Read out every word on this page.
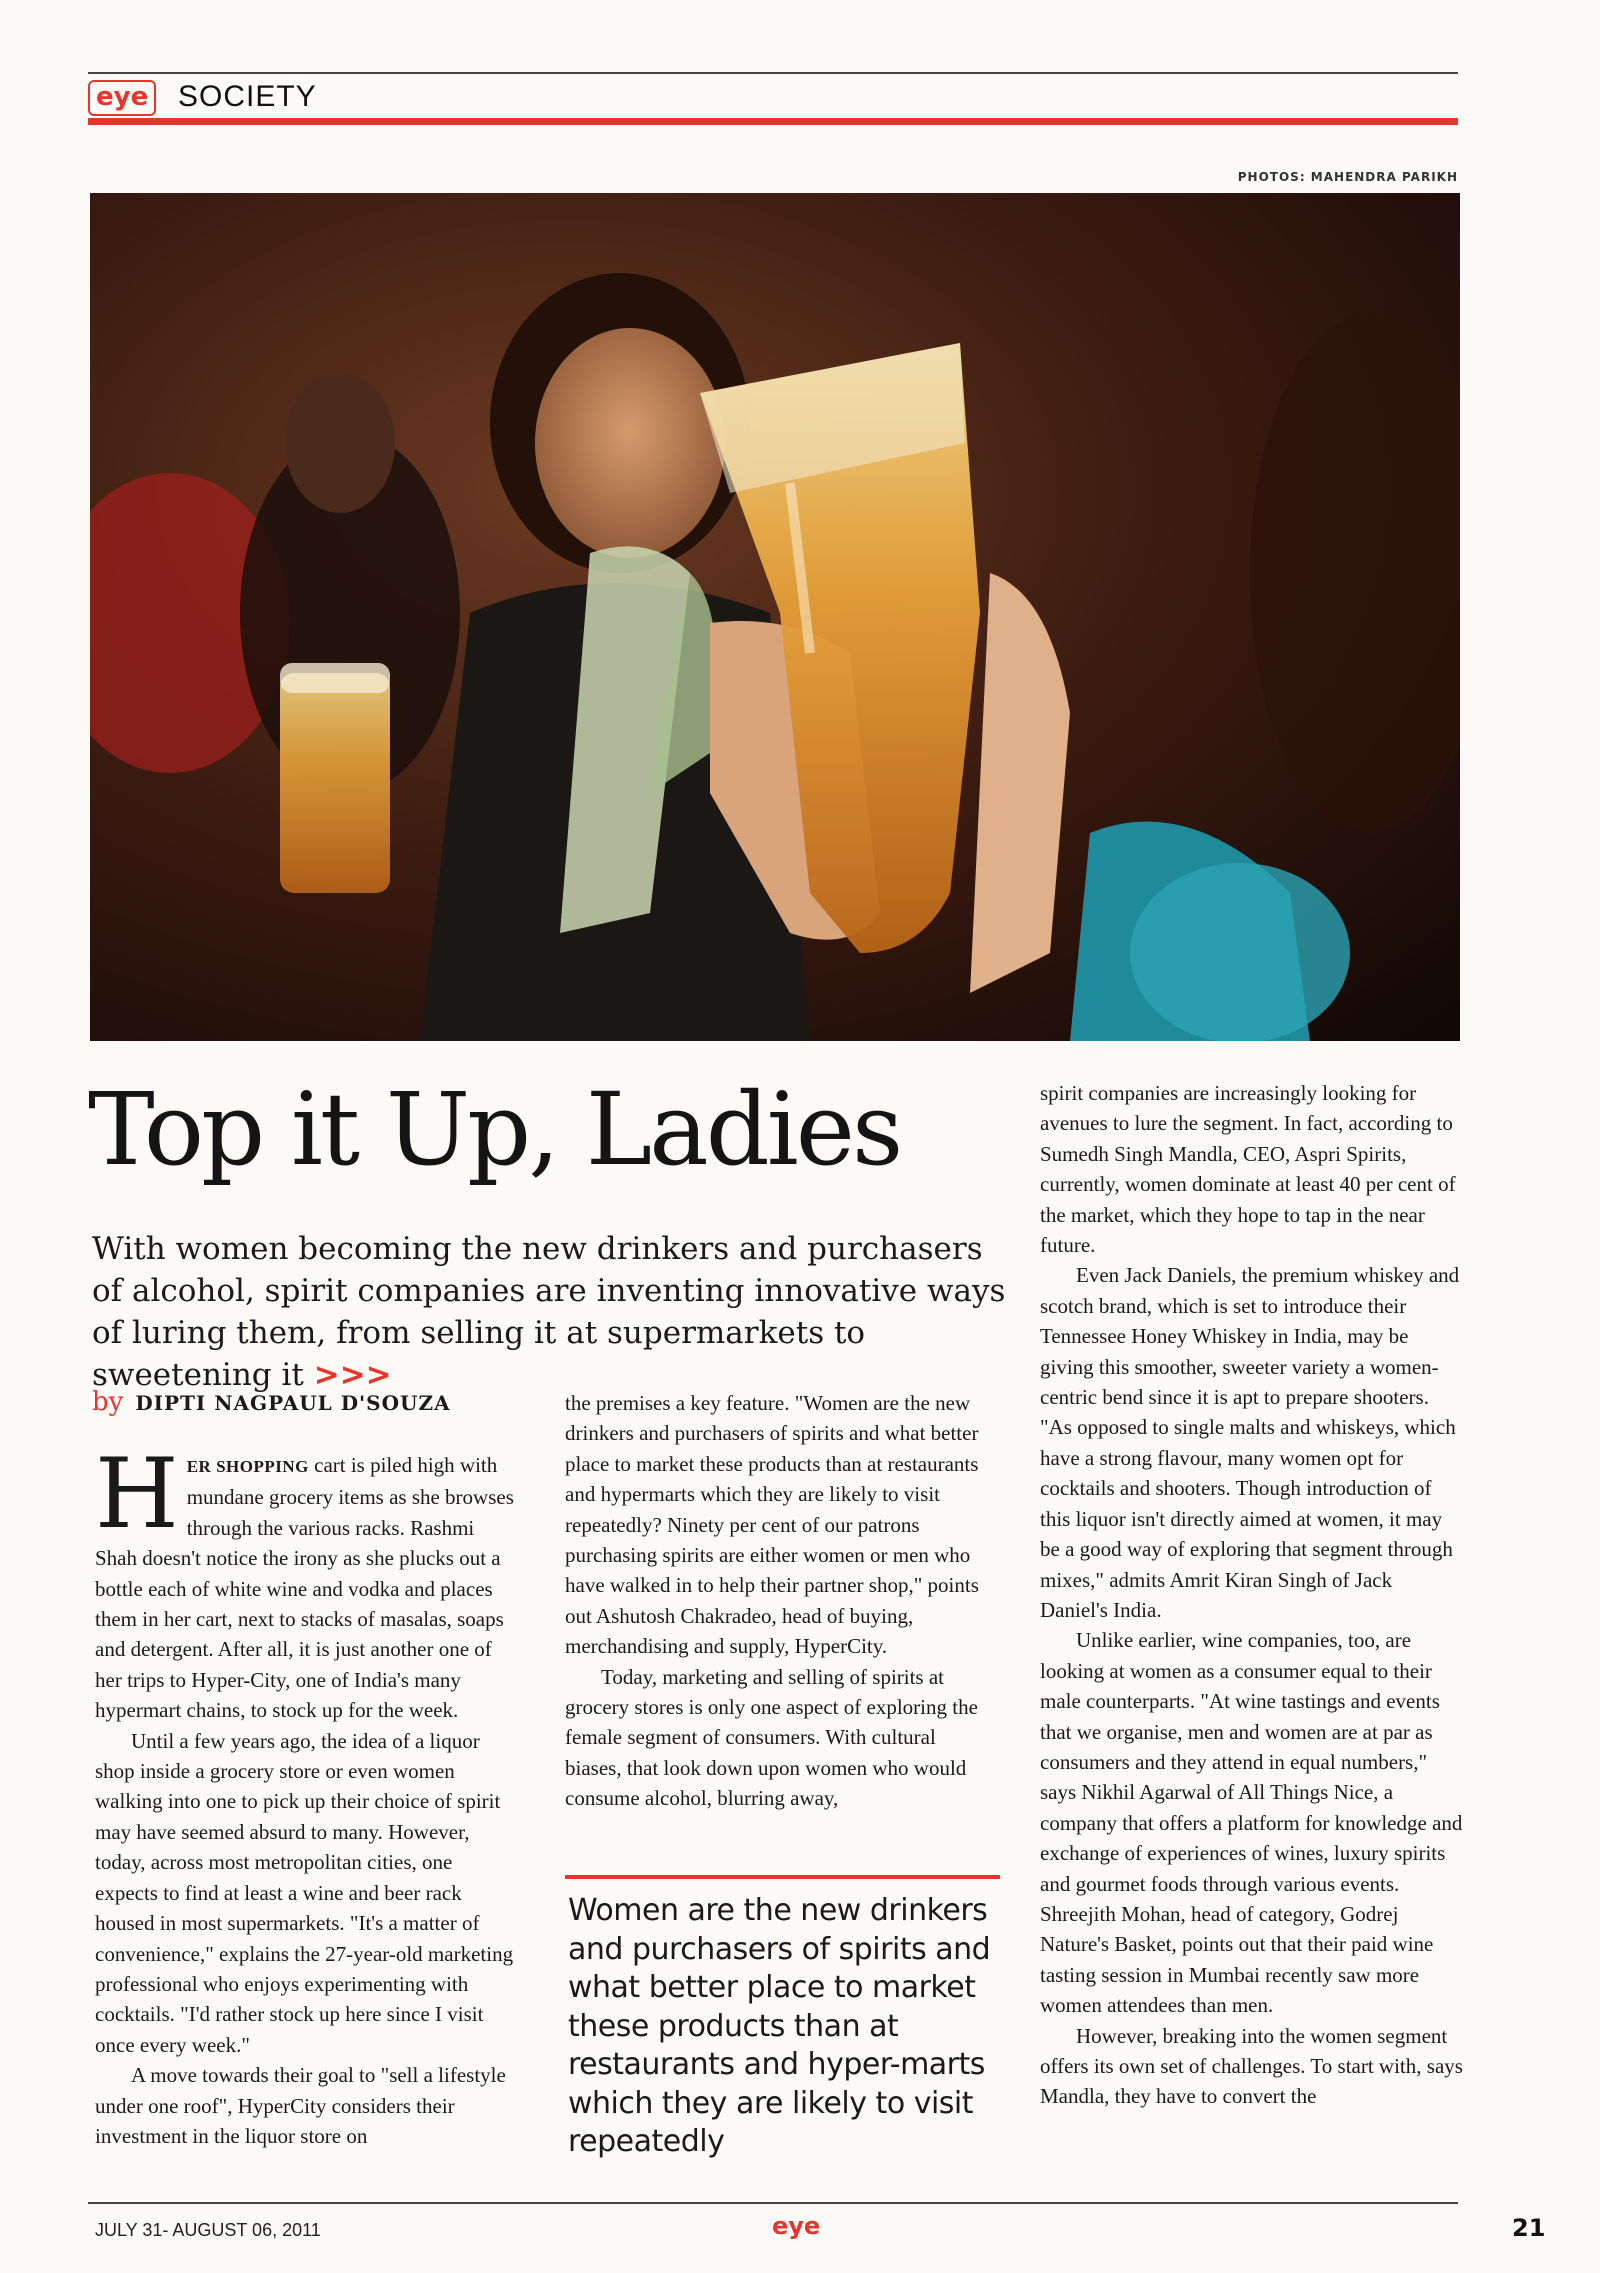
eye SOCIETY
PHOTOS: MAHENDRA PARIKH
Top it Up, Ladies
With women becoming the new drinkers and purchasers of alcohol, spirit companies are inventing innovative ways of luring them, from selling it at supermarkets to sweetening it >>>
by DIPTI NAGPAUL D'SOUZA

HER SHOPPING cart is piled high with mundane grocery items as she browses through the various racks. Rashmi Shah doesn't notice the irony as she plucks out a bottle each of white wine and vodka and places them in her cart, next to stacks of masalas, soaps and detergent. After all, it is just another one of her trips to Hyper-City, one of India's many hypermart chains, to stock up for the week.

Until a few years ago, the idea of a liquor shop inside a grocery store or even women walking into one to pick up their choice of spirit may have seemed absurd to many. However, today, across most metropolitan cities, one expects to find at least a wine and beer rack housed in most supermarkets. "It's a matter of convenience," explains the 27-year-old marketing professional who enjoys experimenting with cocktails. "I'd rather stock up here since I visit once every week."

A move towards their goal to "sell a lifestyle under one roof", HyperCity considers their investment in the liquor store on

the premises a key feature. "Women are the new drinkers and purchasers of spirits and what better place to market these products than at restaurants and hypermarts which they are likely to visit repeatedly? Ninety per cent of our patrons purchasing spirits are either women or men who have walked in to help their partner shop," points out Ashutosh Chakradeo, head of buying, merchandising and supply, HyperCity.

Today, marketing and selling of spirits at grocery stores is only one aspect of exploring the female segment of consumers. With cultural biases, that look down upon women who would consume alcohol, blurring away,

Women are the new drinkers and purchasers of spirits and what better place to market these products than at restaurants and hyper-marts which they are likely to visit repeatedly

spirit companies are increasingly looking for avenues to lure the segment. In fact, according to Sumedh Singh Mandla, CEO, Aspri Spirits, currently, women dominate at least 40 per cent of the market, which they hope to tap in the near future.

Even Jack Daniels, the premium whiskey and scotch brand, which is set to introduce their Tennessee Honey Whiskey in India, may be giving this smoother, sweeter variety a women-centric bend since it is apt to prepare shooters. "As opposed to single malts and whiskeys, which have a strong flavour, many women opt for cocktails and shooters. Though introduction of this liquor isn't directly aimed at women, it may be a good way of exploring that segment through mixes," admits Amrit Kiran Singh of Jack Daniel's India.

Unlike earlier, wine companies, too, are looking at women as a consumer equal to their male counterparts. "At wine tastings and events that we organise, men and women are at par as consumers and they attend in equal numbers," says Nikhil Agarwal of All Things Nice, a company that offers a platform for knowledge and exchange of experiences of wines, luxury spirits and gourmet foods through various events. Shreejith Mohan, head of category, Godrej Nature's Basket, points out that their paid wine tasting session in Mumbai recently saw more women attendees than men.

However, breaking into the women segment offers its own set of challenges. To start with, says Mandla, they have to convert the

JULY 31- AUGUST 06, 2011	eye	21
